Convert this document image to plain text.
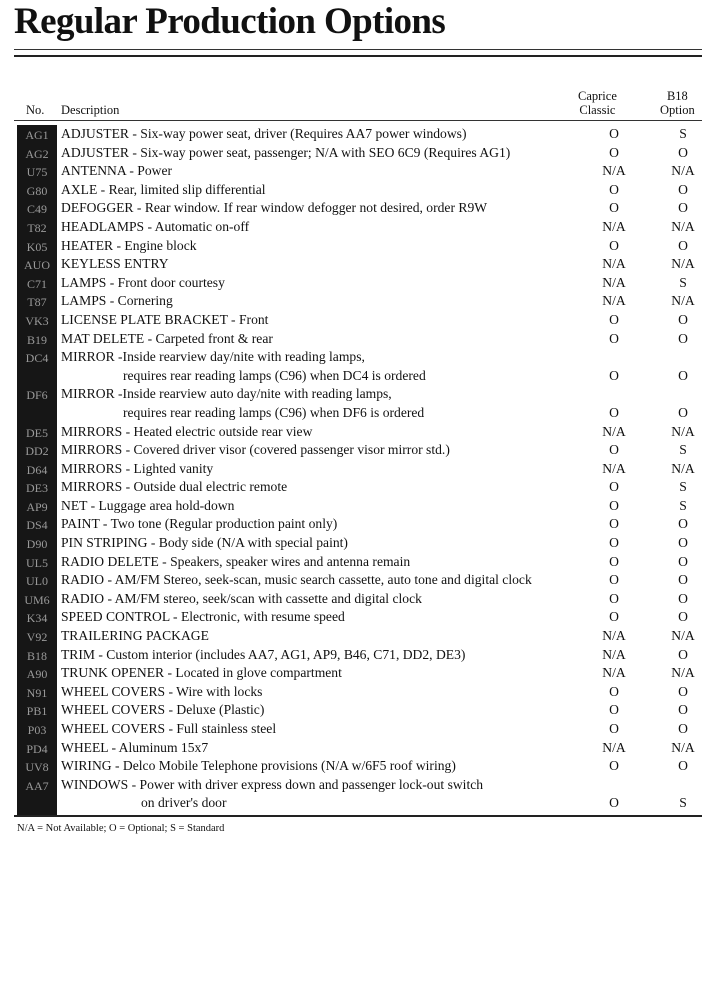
Regular Production Options
No. Description
Caprice
Classic
B18
Option
AG1 ADJUSTER - Six-way power seat, driver (Requires AA7 power windows)	O	S
AG2 ADJUSTER - Six-way power seat, passenger; N/A with SEO 6C9 (Requires AG1)	O	O
U75	ANTENNA - Power	N/A	N/A
G80	AXLE - Rear, limited slip differential	O	O
C49	DEFOGGER - Rear window. If rear window defogger not desired, order R9W	O	O
T82	HEADLAMPS - Automatic on-off	N/A	N/A
K05	HEATER - Engine block	O	O
AUO KEYLESS ENTRY	N/A	N/A
C71	LAMPS - Front door courtesy	N/A	S
T87	LAMPS - Cornering	N/A	N/A
VK3 LICENSE PLATE BRACKET - Front	O	O
B19	MAT DELETE - Carpeted front & rear	O	O
DC4 MIRROR -Inside rearview day/nite with reading lamps,
requires rear reading lamps (C96) when DC4 is ordered	O	O
DF6 MIRROR -Inside rearview auto day/nite with reading lamps,
requires rear reading lamps (C96) when DF6 is ordered	O	O
DE5 MIRRORS - Heated electric outside rear view	N/A	N/A
DD2 MIRRORS - Covered driver visor (covered passenger visor mirror std.)	O	S
D64	MIRRORS - Lighted vanity	N/A	N/A
DE3 MIRRORS - Outside dual electric remote	O	S
AP9 NET - Luggage area hold-down	O	S
DS4 PAINT - Two tone (Regular production paint only)	O	O
D90	PIN STRIPING - Body side (N/A with special paint)	O	O
UL5 RADIO DELETE - Speakers, speaker wires and antenna remain	O	O
UL0 RADIO - AM/FM Stereo, seek-scan, music search cassette, auto tone and digital clock	O	O
UM6 RADIO - AM/FM stereo, seek/scan with cassette and digital clock	O	O
K34	SPEED CONTROL - Electronic, with resume speed	O	O
V92	TRAILERING PACKAGE	N/A	N/A
B18	TRIM - Custom interior (includes AA7, AG1, AP9, B46, C71, DD2, DE3)	N/A	O
A90	TRUNK OPENER - Located in glove compartment	N/A	N/A
N91	WHEEL COVERS - Wire with locks	O	O
PB1	WHEEL COVERS - Deluxe (Plastic)	O	O
P03	WHEEL COVERS - Full stainless steel	O	O
PD4 WHEEL - Aluminum 15x7	N/A	N/A
UV8 WIRING - Delco Mobile Telephone provisions (N/A w/6F5 roof wiring)	O	O
AA7 WINDOWS - Power with driver express down and passenger lock-out switch
on driver's door	O	S
N/A = Not Available; O = Optional; S = Standard
